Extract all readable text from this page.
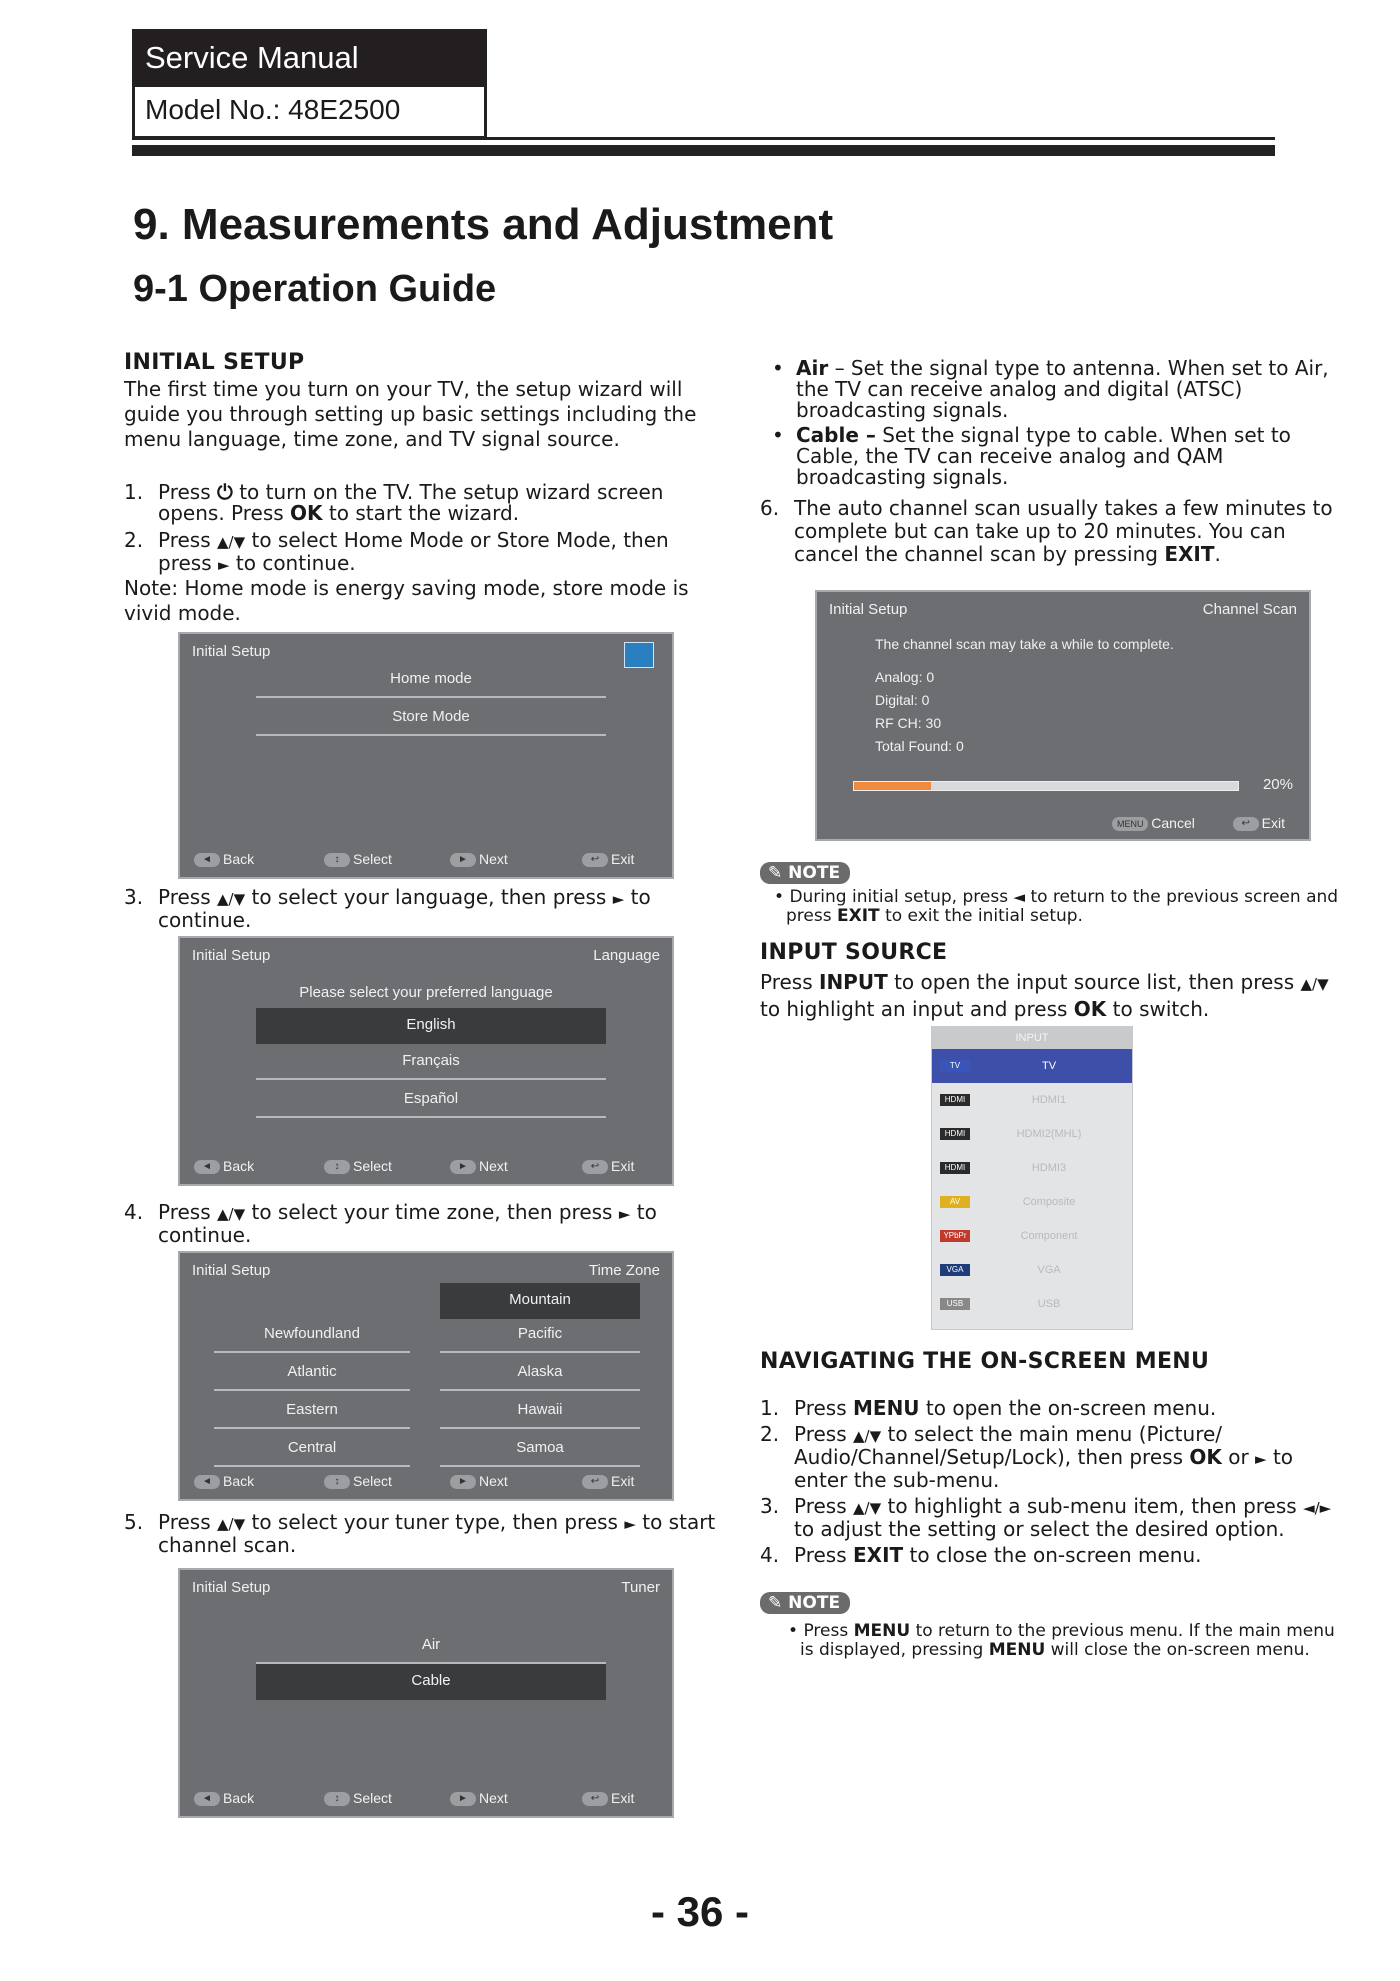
Service Manual
Model No.: 48E2500
9. Measurements and Adjustment
9-1 Operation Guide
INITIAL SETUP
The first time you turn on your TV, the setup wizard will guide you through setting up basic settings including the menu language, time zone, and TV signal source.
1. Press ⏻ to turn on the TV. The setup wizard screen opens. Press OK to start the wizard.
2. Press ▲/▼ to select Home Mode or Store Mode, then press ► to continue.
Note: Home mode is energy saving mode, store mode is vivid mode.
Initial Setup
Home mode
Store Mode
◄ Back	↕ Select	► Next	↩ Exit
3. Press ▲/▼ to select your language, then press ► to continue.
Initial Setup	Language
Please select your preferred language
English
Français
Español
◄ Back	↕ Select	► Next	↩ Exit
4. Press ▲/▼ to select your time zone, then press ► to continue.
Initial Setup	Time Zone
Mountain
Newfoundland	Pacific
Atlantic	Alaska
Eastern	Hawaii
Central	Samoa
◄ Back	↕ Select	► Next	↩ Exit
5. Press ▲/▼ to select your tuner type, then press ► to start channel scan.
Initial Setup	Tuner
Air
Cable
◄ Back	↕ Select	► Next	↩ Exit
• Air – Set the signal type to antenna. When set to Air, the TV can receive analog and digital (ATSC) broadcasting signals.
• Cable – Set the signal type to cable. When set to Cable, the TV can receive analog and QAM broadcasting signals.
6. The auto channel scan usually takes a few minutes to complete but can take up to 20 minutes. You can cancel the channel scan by pressing EXIT.
Initial Setup	Channel Scan
The channel scan may take a while to complete.
Analog: 0
Digital: 0
RF CH: 30
Total Found: 0
20%
MENU Cancel	↩ Exit
✎ NOTE
• During initial setup, press ◄ to return to the previous screen and press EXIT to exit the initial setup.
INPUT SOURCE
Press INPUT to open the input source list, then press ▲/▼ to highlight an input and press OK to switch.
INPUT
TV	TV
HDMI	HDMI1
HDMI	HDMI2(MHL)
HDMI	HDMI3
AV	Composite
YPbPr	Component
VGA	VGA
USB	USB
NAVIGATING THE ON-SCREEN MENU
1. Press MENU to open the on-screen menu.
2. Press ▲/▼ to select the main menu (Picture/ Audio/Channel/Setup/Lock), then press OK or ► to enter the sub-menu.
3. Press ▲/▼ to highlight a sub-menu item, then press ◄/► to adjust the setting or select the desired option.
4. Press EXIT to close the on-screen menu.
✎ NOTE
• Press MENU to return to the previous menu. If the main menu is displayed, pressing MENU will close the on-screen menu.
- 36 -
